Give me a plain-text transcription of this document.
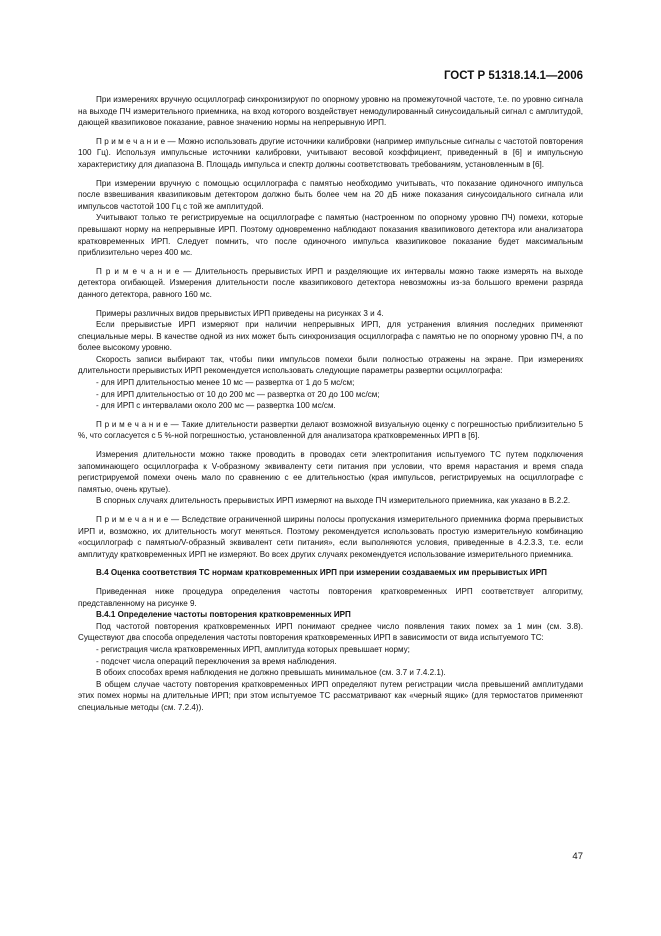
ГОСТ Р 51318.14.1—2006

При измерениях вручную осциллограф синхронизируют по опорному уровню на промежуточной частоте, т.е. по уровню сигнала на выходе ПЧ измерительного приемника, на вход которого воздействует немодулированный синусоидальный сигнал с амплитудой, дающей квазипиковое показание, равное значению нормы на непрерывную ИРП.

П р и м е ч а н и е — Можно использовать другие источники калибровки (например импульсные сигналы с частотой повторения 100 Гц). Используя импульсные источники калибровки, учитывают весовой коэффициент, приведенный в [6] и импульсную характеристику для диапазона В. Площадь импульса и спектр должны соответствовать требованиям, установленным в [6].

При измерении вручную с помощью осциллографа с памятью необходимо учитывать, что показание одиночного импульса после взвешивания квазипиковым детектором должно быть более чем на 20 дБ ниже показания синусоидального сигнала или импульсов частотой 100 Гц с той же амплитудой.

Учитывают только те регистрируемые на осциллографе с памятью (настроенном по опорному уровню ПЧ) помехи, которые превышают норму на непрерывные ИРП. Поэтому одновременно наблюдают показания квазипикового детектора или анализатора кратковременных ИРП. Следует помнить, что после одиночного импульса квазипиковое показание будет максимальным приблизительно через 400 мс.

П р и м е ч а н и е — Длительность прерывистых ИРП и разделяющие их интервалы можно также измерять на выходе детектора огибающей. Измерения длительности после квазипикового детектора невозможны из-за большого времени разряда данного детектора, равного 160 мс.

Примеры различных видов прерывистых ИРП приведены на рисунках 3 и 4.

Если прерывистые ИРП измеряют при наличии непрерывных ИРП, для устранения влияния последних применяют специальные меры. В качестве одной из них может быть синхронизация осциллографа с памятью не по опорному уровню ПЧ, а по более высокому уровню.

Скорость записи выбирают так, чтобы пики импульсов помехи были полностью отражены на экране. При измерениях длительности прерывистых ИРП рекомендуется использовать следующие параметры развертки осциллографа:

- для ИРП длительностью менее 10 мс — развертка от 1 до 5 мс/см;

- для ИРП длительностью от 10 до 200 мс — развертка от 20 до 100 мс/см;

- для ИРП с интервалами около 200 мс — развертка 100 мс/см.

П р и м е ч а н и е — Такие длительности развертки делают возможной визуальную оценку с погрешностью приблизительно 5 %, что согласуется с 5 %-ной погрешностью, установленной для анализатора кратковременных ИРП в [6].

Измерения длительности можно также проводить в проводах сети электропитания испытуемого ТС путем подключения запоминающего осциллографа к V-образному эквиваленту сети питания при условии, что время нарастания и время спада регистрируемой помехи очень мало по сравнению с ее длительностью (края импульсов, регистрируемых на осциллографе с памятью, очень крутые).

В спорных случаях длительность прерывистых ИРП измеряют на выходе ПЧ измерительного приемника, как указано в В.2.2.

П р и м е ч а н и е — Вследствие ограниченной ширины полосы пропускания измерительного приемника форма прерывистых ИРП и, возможно, их длительность могут меняться. Поэтому рекомендуется использовать простую измерительную комбинацию «осциллограф с памятью/V-образный эквивалент сети питания», если выполняются условия, приведенные в 4.2.3.3, т.е. если амплитуду кратковременных ИРП не измеряют. Во всех других случаях рекомендуется использование измерительного приемника.

В.4 Оценка соответствия ТС нормам кратковременных ИРП при измерении создаваемых им прерывистых ИРП

Приведенная ниже процедура определения частоты повторения кратковременных ИРП соответствует алгоритму, представленному на рисунке 9.

В.4.1 Определение частоты повторения кратковременных ИРП

Под частотой повторения кратковременных ИРП понимают среднее число появления таких помех за 1 мин (см. 3.8). Существуют два способа определения частоты повторения кратковременных ИРП в зависимости от вида испытуемого ТС:

- регистрация числа кратковременных ИРП, амплитуда которых превышает норму;

- подсчет числа операций переключения за время наблюдения.

В обоих способах время наблюдения не должно превышать минимальное (см. 3.7 и 7.4.2.1).

В общем случае частоту повторения кратковременных ИРП определяют путем регистрации числа превышений амплитудами этих помех нормы на длительные ИРП; при этом испытуемое ТС рассматривают как «черный ящик» (для термостатов применяют специальные методы (см. 7.2.4)).

47
